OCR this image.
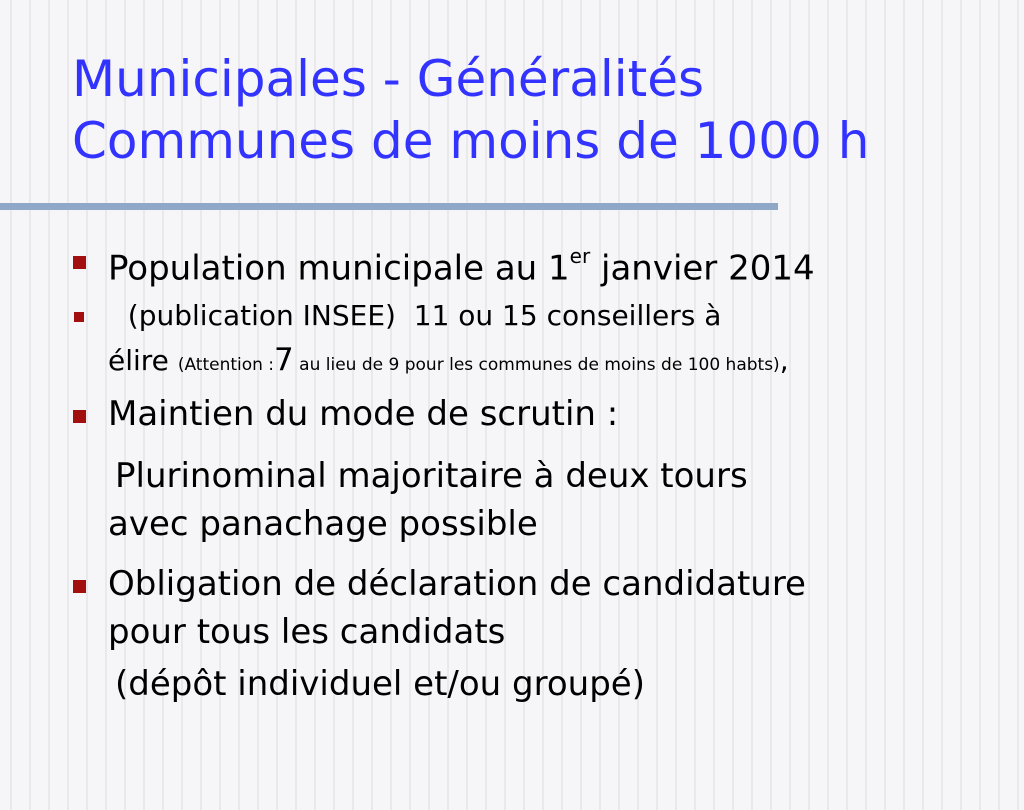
Municipales - Généralités
Communes de moins de 1000 h
Population municipale au 1er janvier 2014
(publication INSEE)  11 ou 15 conseillers à
élire (Attention :7 au lieu de 9 pour les communes de moins de 100 habts),
Maintien du mode de scrutin :
Plurinominal majoritaire à deux tours
avec panachage possible
Obligation de déclaration de candidature
pour tous les candidats
(dépôt individuel et/ou groupé)
